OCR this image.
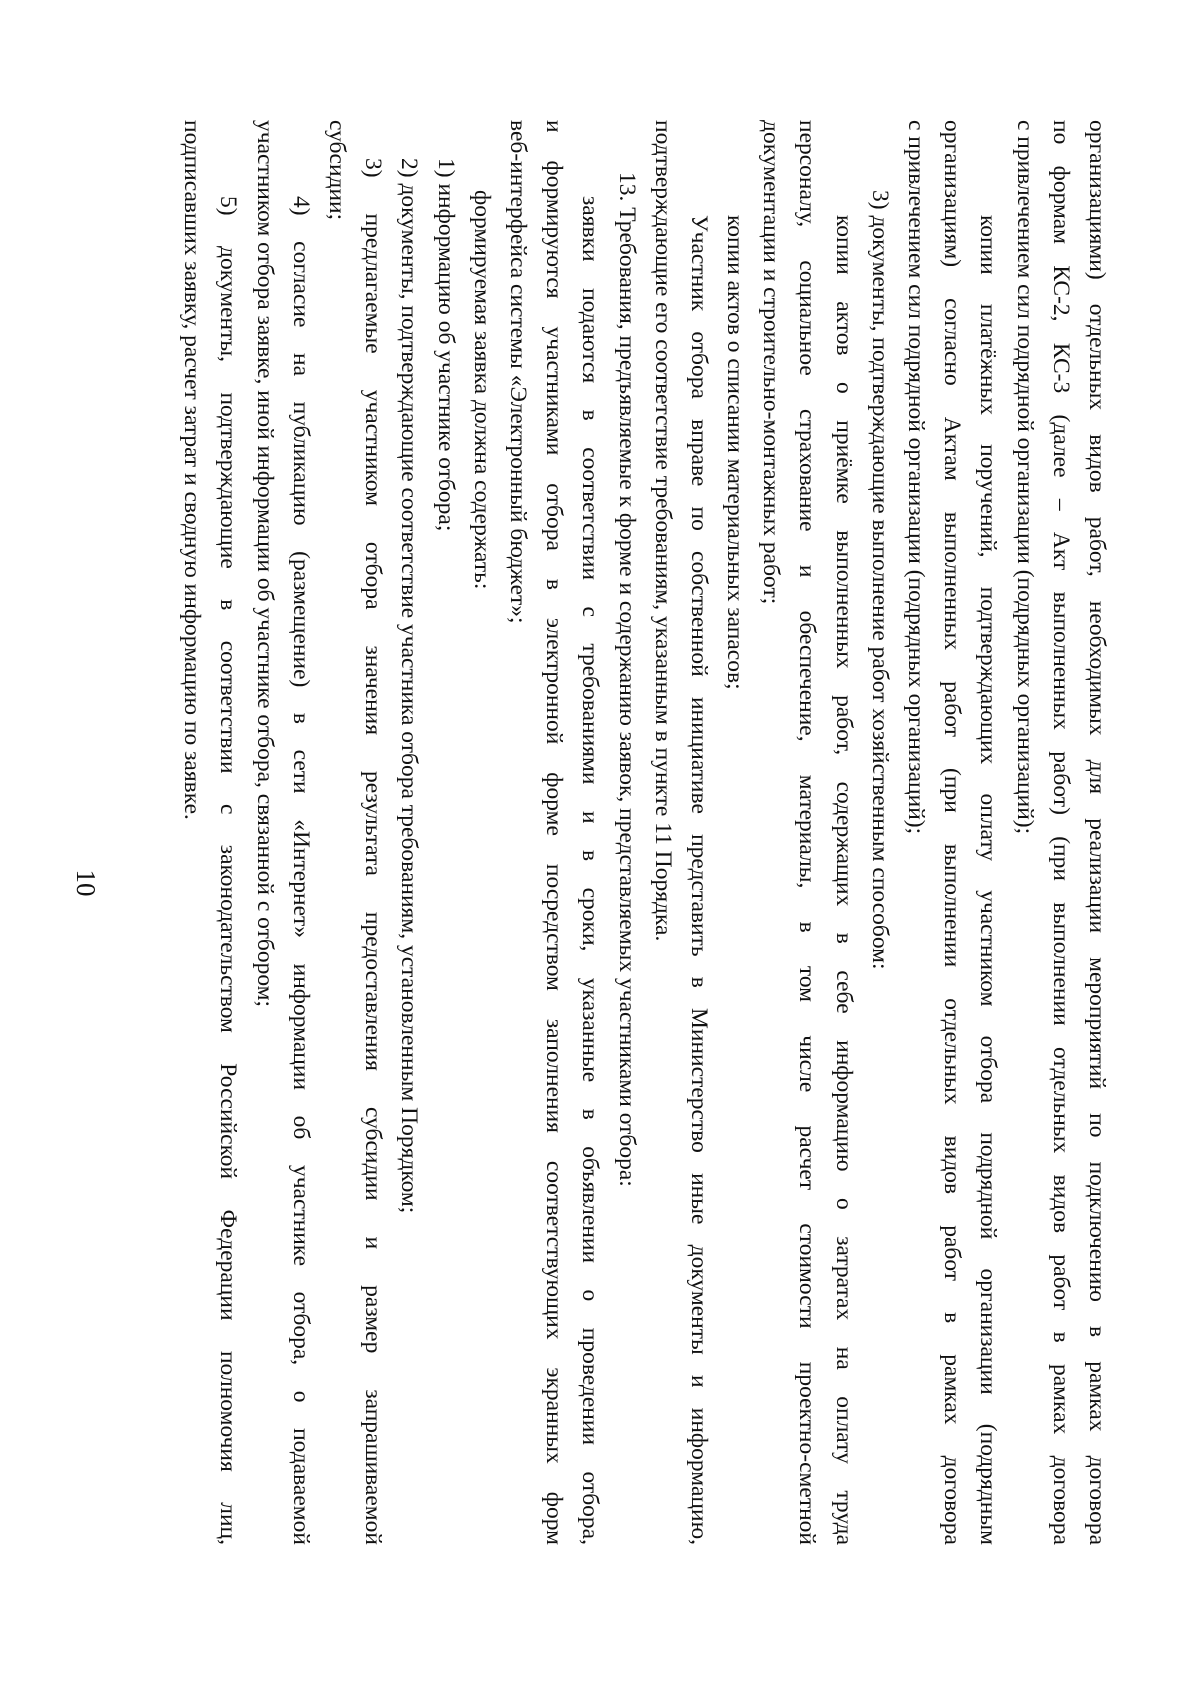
10	организациями) отдельных видов работ, необходимых для реализации мероприятий по подключению в рамках договора
по формам КС-2, КС-3 (далее – Акт выполненных работ) (при выполнении отдельных видов работ в рамках договора
с привлечением сил подрядной организации (подрядных организаций);
копии платёжных поручений, подтверждающих оплату участником отбора подрядной организации (подрядным
организациям) согласно Актам выполненных работ (при выполнении отдельных видов работ в рамках договора
с привлечением сил подрядной организации (подрядных организаций);
3) документы, подтверждающие выполнение работ хозяйственным способом:
копии актов о приёмке выполненных работ, содержащих в себе информацию о затратах на оплату труда
персоналу, социальное страхование и обеспечение, материалы, в том числе расчет стоимости проектно-сметной
документации и строительно-монтажных работ;
копии актов о списании материальных запасов;
Участник отбора вправе по собственной инициативе представить в Министерство иные документы и информацию,
подтверждающие его соответствие требованиям, указанным в пункте 11 Порядка.
13. Требования, предъявляемые к форме и содержанию заявок, представляемых участниками отбора:
заявки подаются в соответствии с требованиями и в сроки, указанные в объявлении о проведении отбора,
и формируются участниками отбора в электронной форме посредством заполнения соответствующих экранных форм
веб-интерфейса системы «Электронный бюджет»;
формируемая заявка должна содержать:
1) информацию об участнике отбора;
2) документы, подтверждающие соответствие участника отбора требованиям, установленным Порядком;
3) предлагаемые участником отбора значения результата предоставления субсидии и размер запрашиваемой
субсидии;
4) согласие на публикацию (размещение) в сети «Интернет» информации об участнике отбора, о подаваемой
участником отбора заявке, иной информации об участнике отбора, связанной с отбором;
5) документы, подтверждающие в соответствии с законодательством Российской Федерации полномочия лиц,
подписавших заявку, расчет затрат и сводную информацию по заявке.
